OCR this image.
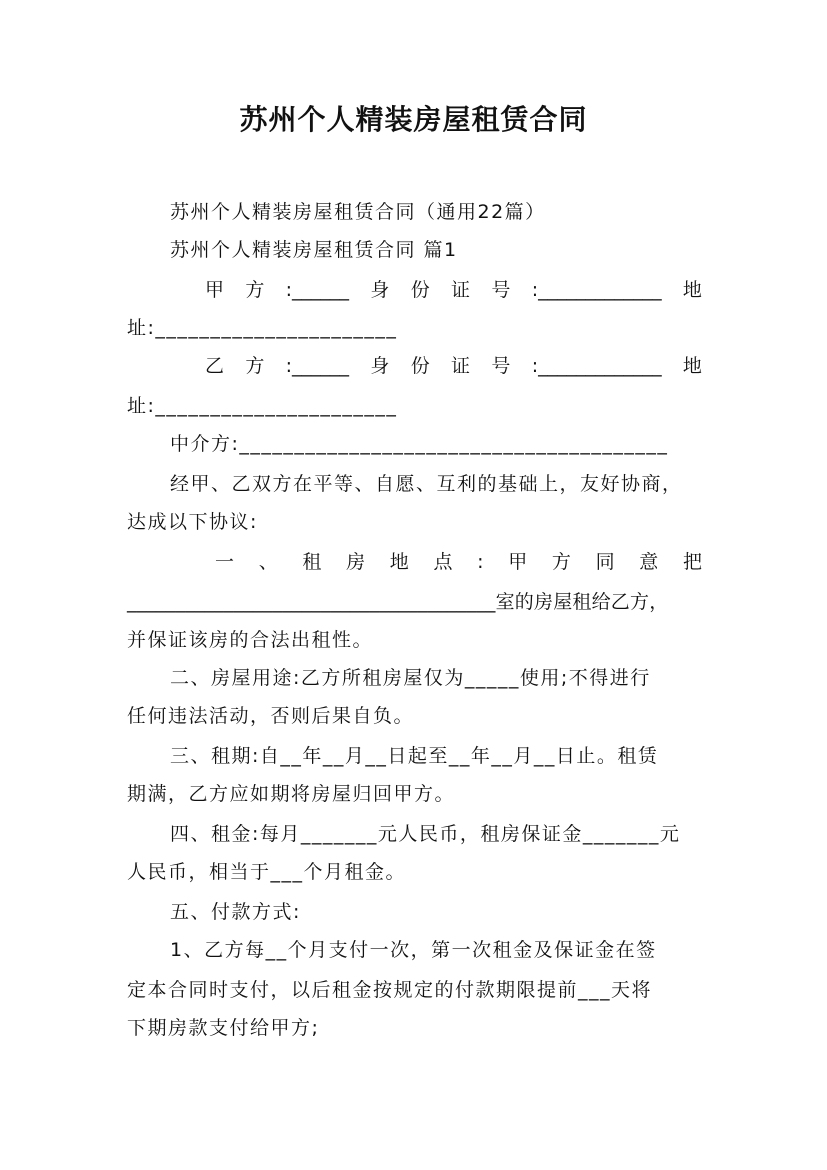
苏州个人精装房屋租赁合同
苏州个人精装房屋租赁合同（通用22篇）
苏州个人精装房屋租赁合同 篇1
甲 方 :______ 身 份 证 号 :_____________ 地
址:______________________
乙 方 :______ 身 份 证 号 :_____________ 地
址:______________________
中介方:_______________________________________
经甲、乙双方在平等、自愿、互利的基础上，友好协商，
达成以下协议:
一 、 租 房 地 点 : 甲 方 同 意 把
______________________________________室的房屋租给乙方，
并保证该房的合法出租性。
二、房屋用途:乙方所租房屋仅为_____使用;不得进行
任何违法活动，否则后果自负。
三、租期:自__年__月__日起至__年__月__日止。租赁
期满，乙方应如期将房屋归回甲方。
四、租金:每月_______元人民币，租房保证金_______元
人民币，相当于___个月租金。
五、付款方式:
1、乙方每__个月支付一次，第一次租金及保证金在签
定本合同时支付，以后租金按规定的付款期限提前___天将
下期房款支付给甲方;
